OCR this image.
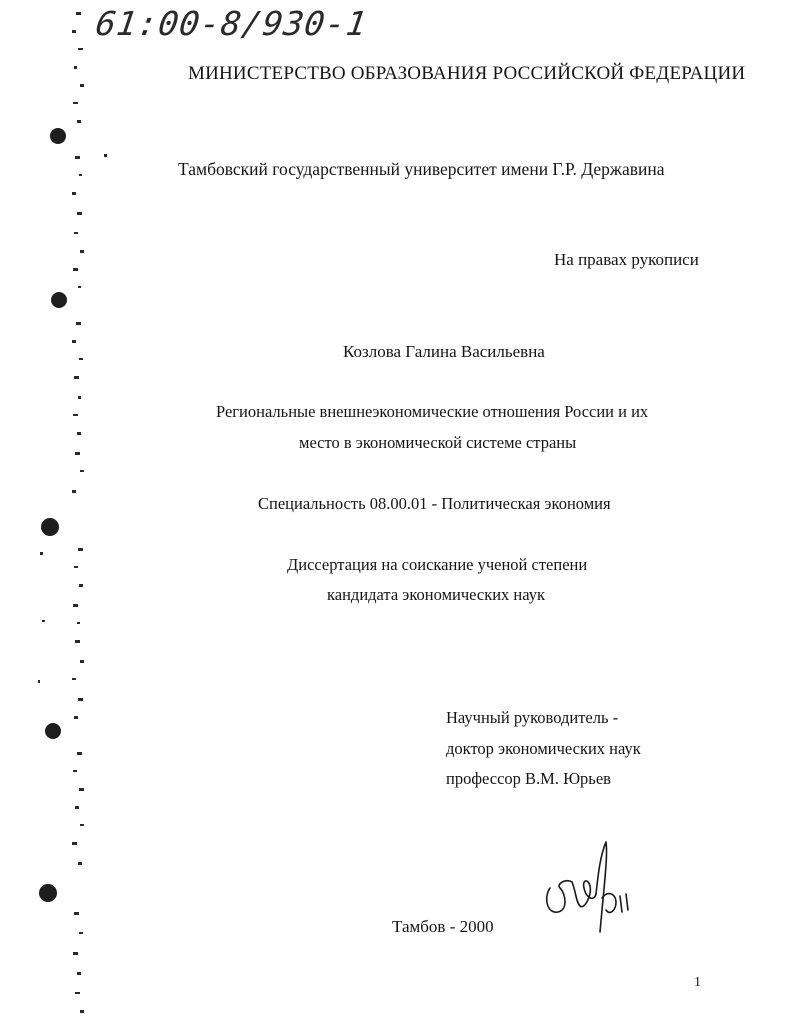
61:00-8/930-1
МИНИСТЕРСТВО ОБРАЗОВАНИЯ РОССИЙСКОЙ ФЕДЕРАЦИИ
Тамбовский государственный университет имени Г.Р. Державина
На правах рукописи
Козлова Галина Васильевна
Региональные внешнеэкономические отношения России и их
место в экономической системе страны
Специальность 08.00.01 - Политическая экономия
Диссертация на соискание ученой степени
кандидата экономических наук
Научный руководитель -
доктор экономических наук
профессор В.М. Юрьев
Тамбов - 2000
1
